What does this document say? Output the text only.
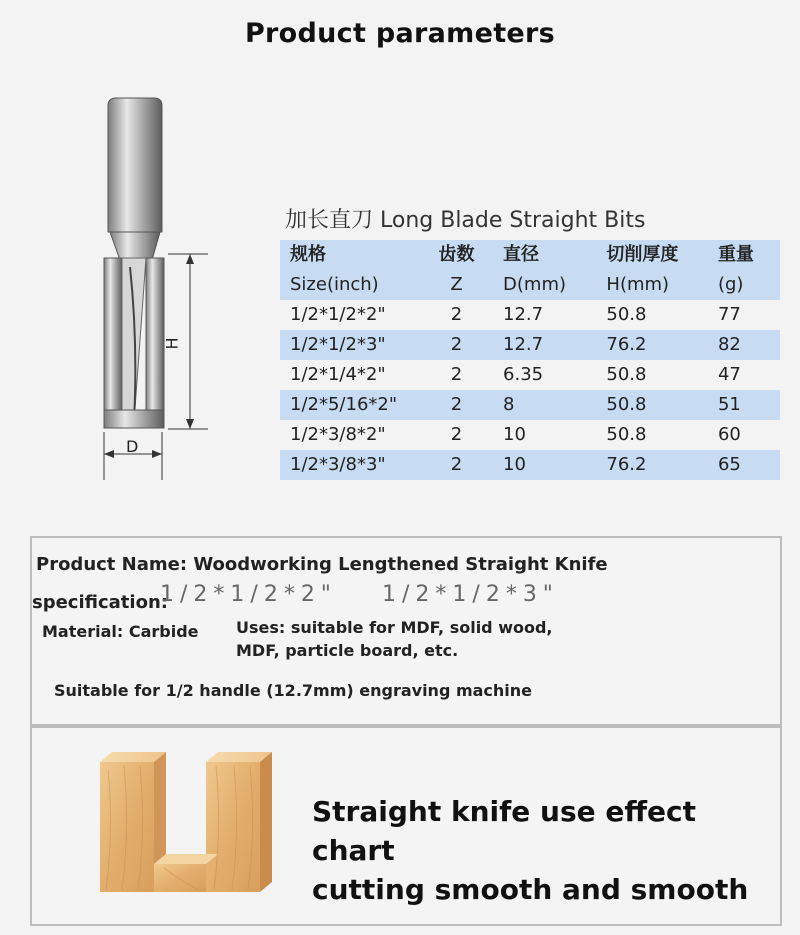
Product parameters
H
D
加长直刀 Long Blade Straight Bits
规格	齿数	直径	切削厚度	重量
Size(inch)	Z	D(mm)	H(mm)	(g)
1/2*1/2*2"	2	12.7	50.8	77
1/2*1/2*3"	2	12.7	76.2	82
1/2*1/4*2"	2	6.35	50.8	47
1/2*5/16*2"	2	8	50.8	51
1/2*3/8*2"	2	10	50.8	60
1/2*3/8*3"	2	10	76.2	65
Product Name: Woodworking Lengthened Straight Knife
specification:
1/2*1/2*2" 1/2*1/2*3"
Material: Carbide Uses: suitable for MDF, solid wood, MDF, particle board, etc.
Suitable for 1/2 handle (12.7mm) engraving machine
Straight knife use effect chart
cutting smooth and smooth
